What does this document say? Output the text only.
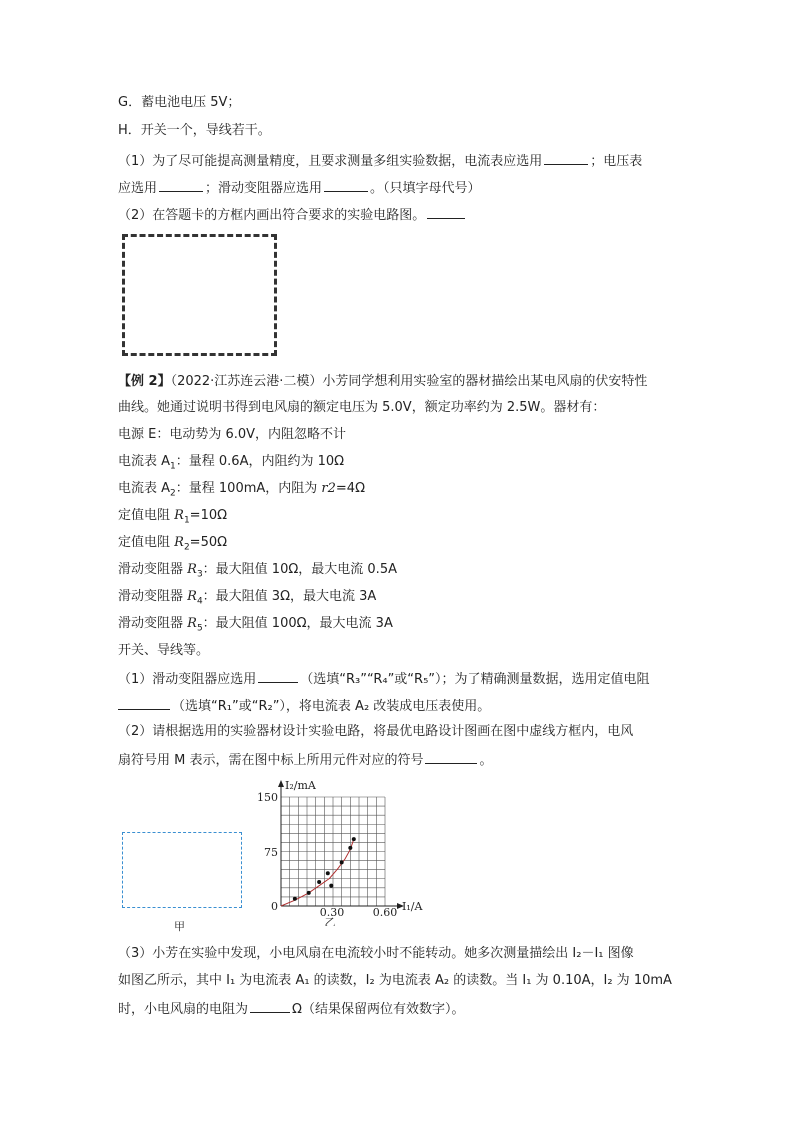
G．蓄电池电压 5V；
H．开关一个，导线若干。
（1）为了尽可能提高测量精度，且要求测量多组实验数据，电流表应选用	；电压表
应选用	；滑动变阻器应选用	。（只填字母代号）
（2）在答题卡的方框内画出符合要求的实验电路图。
【例 2】（2022·江苏连云港·二模）小芳同学想利用实验室的器材描绘出某电风扇的伏安特性
曲线。她通过说明书得到电风扇的额定电压为 5.0V，额定功率约为 2.5W。器材有：
电源 E：电动势为 6.0V，内阻忽略不计
电流表 $A_1$：量程 0.6A，内阻约为 10Ω
电流表 $A_2$：量程 100mA，内阻为 r2=4Ω
定值电阻 $R_1=10\Omega$
定值电阻 $R_2=50\Omega$
滑动变阻器 $R_3$：最大阻值 10Ω，最大电流 0.5A
滑动变阻器 $R_4$：最大阻值 3Ω，最大电流 3A
滑动变阻器 $R_5$：最大阻值 100Ω，最大电流 3A
开关、导线等。
（1）滑动变阻器应选用	（选填“R₃”“R₄”或“R₅”）；为了精确测量数据，选用定值电阻
（选填“R₁”或“R₂”），将电流表 A₂ 改装成电压表使用。
（2）请根据选用的实验器材设计实验电路，将最优电路设计图画在图中虚线方框内，电风
扇符号用 M 表示，需在图中标上所用元件对应的符号	。
甲
I₂/mA
I₁/A
150
75
0	0.30	0.60
乙
（3）小芳在实验中发现，小电风扇在电流较小时不能转动。她多次测量描绘出 I₂－I₁ 图像
如图乙所示，其中 I₁ 为电流表 A₁ 的读数，I₂ 为电流表 A₂ 的读数。当 I₁ 为 0.10A，I₂ 为 10mA
时，小电风扇的电阻为	Ω（结果保留两位有效数字）。
